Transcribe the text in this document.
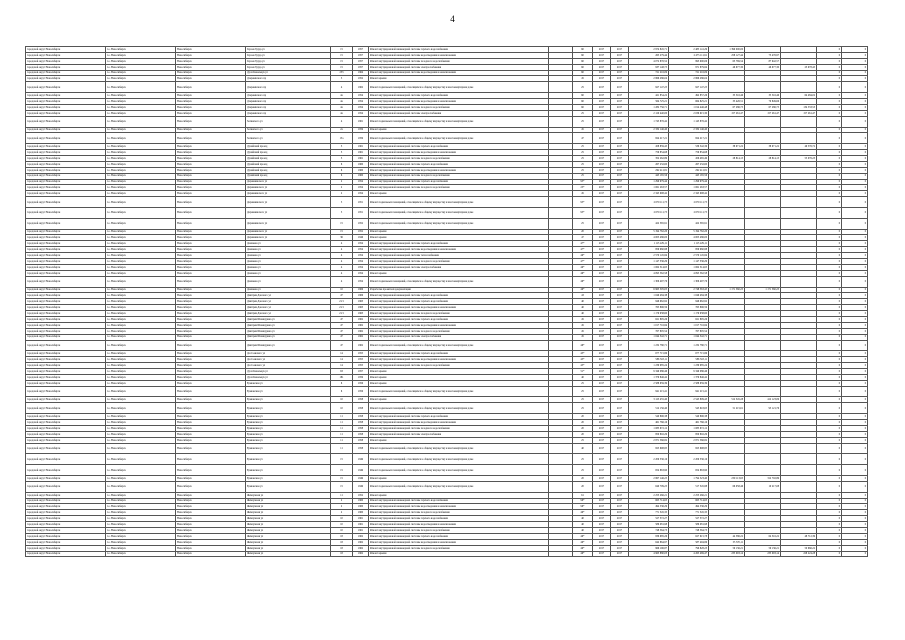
4
городской округ Новосибирск	г.о. Новосибирск	Новосибирск	Героев Труда ул	15	1957	Ремонт внутридомовой инженерной системы горячего водоснабжения		60	2017	2017	2 974 845,71	2 485 141,29	1 399 000,00			0	0
городской округ Новосибирск	г.о. Новосибирск	Новосибирск	Героев Труда ул	15	1957	Ремонт внутридомовой инженерной системы водоотведения и канализования		60	2017	2017	265 279,44	2 475 111,91	258 127,44	73 476,97		0	0
городской округ Новосибирск	г.о. Новосибирск	Новосибирск	Героев Труда ул	15	1957	Ремонт внутридомовой инженерной системы холодного водоснабжения		60	2017	2017	4 072 876,52	993 900,06	63 769,54	87 942,57		0	0
городской округ Новосибирск	г.о. Новосибирск	Новосибирск	Героев Труда ул	15	1957	Ремонт внутридомовой инженерной системы электроснабжения		60	2017	2017	937 148,75	971 879,84	46 677,30	46 677,30	23 978,45	0	0
городской округ Новосибирск	г.о. Новосибирск	Новосибирск	Дуси Ковальчук ул	233	1964	Ремонт внутридомовой инженерной системы водоотведения и канализования		60	2017	2017	721 216,09	721 216,09				0	0
городской округ Новосибирск	г.о. Новосибирск	Новосибирск	Дзержинского пр	5	1952	Ремонт крыши		45	2017	2017	2 866 286,04	2 866 286,04				0	0
городской округ Новосибирск	г.о. Новосибирск	Новосибирск	Дзержинского пр	4	1962	Ремонт подвальных помещений, относящихся к общему имуществу в многоквартирном доме		25	2017	2017	927 147,25	927 147,25				0	0
городской округ Новосибирск	г.о. Новосибирск	Новосибирск	Дзержинского пр	4а	1954	Ремонт внутридомовой инженерной системы горячего водоснабжения		60	2017	2017	421 854,22	492 857,26	35 516,46	35 516,46	64 484,02	0	0
городской округ Новосибирск	г.о. Новосибирск	Новосибирск	Дзержинского пр	4а	1954	Ремонт внутридомовой инженерной системы водоотведения и канализования		60	2017	2017	564 725,21	664 825,21	35 426,51	70 849,66		0	0
городской округ Новосибирск	г.о. Новосибирск	Новосибирск	Дзержинского пр	4а	1954	Ремонт внутридомовой инженерной системы холодного водоснабжения		60	2017	2017	1 282 756,71	1 014 446,48	67 286,75	67 286,75	134 533,53	0	0
городской округ Новосибирск	г.о. Новосибирск	Новосибирск	Дзержинского пр	4а	1954	Ремонт внутридомовой инженерной системы электроснабжения		25	2017	2017	2 120 440,00	2 036 915,30	157 261,47	157 261,47	157 261,47	0	0
городской округ Новосибирск	г.о. Новосибирск	Новосибирск	Зелинского ул	4	1961	Ремонт подвальных помещений, относящихся к общему имуществу в многоквартирном доме		25	2017	2017	1 745 876,42	1 145 876,42				0	0
городской округ Новосибирск	г.о. Новосибирск	Новосибирск	Зелинского ул	2а	1959	Ремонт крыши		45	2017	2017	2 332 146,40	2 332 146,40				0	0
городской округ Новосибирск	г.о. Новосибирск	Новосибирск	Зелинского ул	15а	1959	Ремонт подвальных помещений, относящихся к общему имуществу в многоквартирном доме		47	2017	2017	824 217,21	824 217,21				0	0
городской округ Новосибирск	г.о. Новосибирск	Новосибирск	Дунайский проезд	3	1961	Ремонт внутридомовой инженерной системы горячего водоснабжения		25	2017	2017	458 859,45	536 542,36	38 971,22	38 971,22	49 576,72	0	0
городской округ Новосибирск	г.о. Новосибирск	Новосибирск	Дунайский проезд	3	1961	Ремонт внутридомовой инженерной системы водоотведения и канализования		25	2017	2017	759 854,68	759 854,68				0	0
городской округ Новосибирск	г.о. Новосибирск	Новосибирск	Дунайский проезд	3	1961	Ремонт внутридомовой инженерной системы холодного водоснабжения		25	2017	2017	352 262,89	456 465,49	28 814,15	28 814,15	55 076,23	0	0
городской округ Новосибирск	г.о. Новосибирск	Новосибирск	Дунайский проезд	6	1960	Ремонт внутридомовой инженерной системы горячего водоснабжения		25	2017	2017	267 232,60	267 232,60				0	0
городской округ Новосибирск	г.о. Новосибирск	Новосибирск	Дунайский проезд	6	1960	Ремонт внутридомовой инженерной системы водоотведения и канализования		25	2017	2017	292 411,81	292 411,81				0	0
городской округ Новосибирск	г.о. Новосибирск	Новосибирск	Дунайский проезд	6	1960	Ремонт внутридомовой инженерной системы холодного водоснабжения		25	2017	2017	445 165,56	445 165,56				0	0
городской округ Новосибирск	г.о. Новосибирск	Новосибирск	Державинского ул	2	1954	Ремонт внутридомовой инженерной системы горячего водоснабжения		95*	2017	2017	1 299 979,44	1 299 979,44				0	0
городской округ Новосибирск	г.о. Новосибирск	Новосибирск	Державинского ул	2	1954	Ремонт внутридомовой инженерной системы холодного водоснабжения		25*	2017	2017	1 061 263,57	1 061 263,57				0	0
городской округ Новосибирск	г.о. Новосибирск	Новосибирск	Державинского ул	2	1954	Ремонт крыши		45	2017	2017	2 345 998,42	2 345 998,42				0	0
городской округ Новосибирск	г.о. Новосибирск	Новосибирск	Державинского ул	5	1951	Ремонт подвальных помещений, относящихся к общему имуществу в многоквартирном доме		95*	2017	2017	2 679 111,75	2 679 111,75				0	0
городской округ Новосибирск	г.о. Новосибирск	Новосибирск	Державинского ул	5	1951	Ремонт подвальных помещений, относящихся к общему имуществу в многоквартирном доме		95*	2017	2017	2 679 111,75	2 679 111,75				0	0
городской округ Новосибирск	г.о. Новосибирск	Новосибирск	Державинского ул	15	1952	Ремонт подвальных помещений, относящихся к общему имуществу в многоквартирном доме		25	2017	2017	422 365,91	422 365,91				0	0
городской округ Новосибирск	г.о. Новосибирск	Новосибирск	Державинского ул	15	1952	Ремонт крыши		20	2017	2017	5 194 762,20	5 194 762,20				0	0
городской округ Новосибирск	г.о. Новосибирск	Новосибирск	Державинского ул	36	1946	Ремонт крыши		47	2017	2017	4 005 486,00	4 005 486,00				0	0
городской округ Новосибирск	г.о. Новосибирск	Новосибирск	Демакова ул	4	1954	Ремонт внутридомовой инженерной системы горячего водоснабжения		47*	2017	2017	1 115 229,11	1 115 229,11				0	0
городской округ Новосибирск	г.о. Новосибирск	Новосибирск	Демакова ул	4	1954	Ремонт внутридомовой инженерной системы водоотведения и канализования		47*	2017	2017	859 960,88	859 960,88				0	0
городской округ Новосибирск	г.о. Новосибирск	Новосибирск	Демакова ул	4	1954	Ремонт внутридомовой инженерной системы теплоснабжения		49*	2017	2017	2 570 145,84	2 570 145,84				0	0
городской округ Новосибирск	г.о. Новосибирск	Новосибирск	Демакова ул	4	1954	Ремонт внутридомовой инженерной системы холодного водоснабжения		47*	2017	2017	1 147 336,29	1 147 336,29				0	0
городской округ Новосибирск	г.о. Новосибирск	Новосибирск	Демакова ул	4	1954	Ремонт внутридомовой инженерной системы электроснабжения		49*	2017	2017	1 062 314,65	1 062 314,65				0	0
городской округ Новосибирск	г.о. Новосибирск	Новосибирск	Демакова ул	4	1954	Ремонт крыши		49*	2017	2017	4 095 562,58	4 095 562,58				0	0
городской округ Новосибирск	г.о. Новосибирск	Новосибирск	Демакова ул	4	1954	Ремонт подвальных помещений, относящихся к общему имуществу в многоквартирном доме		49*	2017	2017	1 306 497,76	1 306 497,76				0	0
городской округ Новосибирск	г.о. Новосибирск	Новосибирск	Демакова ул	10	1966	Разработка проектной документации		49*	2017	2017	6 965 505,05	2 748 363,45	1 171 560,25	1 171 560,25		0	0
городской округ Новосибирск	г.о. Новосибирск	Новосибирск	Дмитрия Донского ул	47	1966	Ремонт внутридомовой инженерной системы горячего водоснабжения		43	2017	2017	1 049 484,38	1 049 484,38				0	0
городской округ Новосибирск	г.о. Новосибирск	Новосибирск	Дмитрия Донского ул	21/1	1963	Ремонт внутридомовой инженерной системы горячего водоснабжения		40	2017	2017	946 962,92	946 962,92				0	0
городской округ Новосибирск	г.о. Новосибирск	Новосибирск	Дмитрия Донского ул	21/1	1963	Ремонт внутридомовой инженерной системы водоотведения и канализования		40	2017	2017	765 896,59	765 896,59				0	0
городской округ Новосибирск	г.о. Новосибирск	Новосибирск	Дмитрия Донского ул	21/1	1963	Ремонт внутридомовой инженерной системы холодного водоснабжения		40	2017	2017	1 179 938,60	1 179 938,60				0	0
городской округ Новосибирск	г.о. Новосибирск	Новосибирск	Дмитрия Шамшурина ул	47	1962	Ремонт внутридомовой инженерной системы горячего водоснабжения		45	2017	2017	621 895,26	621 895,26				0	0
городской округ Новосибирск	г.о. Новосибирск	Новосибирск	Дмитрия Шамшурина ул	47	1962	Ремонт внутридомовой инженерной системы водоотведения и канализования		45	2017	2017	1 017 716,84	1 017 716,84				0	0
городской округ Новосибирск	г.о. Новосибирск	Новосибирск	Дмитрия Шамшурина ул	47	1962	Ремонт внутридомовой инженерной системы холодного водоснабжения		45	2017	2017	767 805,54	767 805,54				0	0
городской округ Новосибирск	г.о. Новосибирск	Новосибирск	Дмитрия Шамшурина ул	47	1962	Ремонт внутридомовой инженерной системы электроснабжения		45	2017	2017	1 044 342,71	1 044 342,71				0	0
городской округ Новосибирск	г.о. Новосибирск	Новосибирск	Дмитрия Шамшурина ул	47	1962	Ремонт подвальных помещений, относящихся к общему имуществу в многоквартирном доме		46*	2017	2017	1 232 780,71	1 232 780,71				0	0
городской округ Новосибирск	г.о. Новосибирск	Новосибирск	Достоевского ул	14	1955	Ремонт внутридомовой инженерной системы горячего водоснабжения		45*	2017	2017	677 715,86	677 715,86				0	0
городской округ Новосибирск	г.о. Новосибирск	Новосибирск	Достоевского ул	14	1955	Ремонт внутридомовой инженерной системы водоотведения и канализования		45*	2017	2017	586 318,11	586 318,11				0	0
городской округ Новосибирск	г.о. Новосибирск	Новосибирск	Достоевского ул	14	1955	Ремонт внутридомовой инженерной системы холодного водоснабжения		45*	2017	2017	1 239 985,24	1 239 985,24				0	0
городской округ Новосибирск	г.о. Новосибирск	Новосибирск	Дуси Ковальчук ул	63	1957	Ремонт крыши		51*	2017	2017	9 349 086,46	9 349 086,46				0	0
городской округ Новосибирск	г.о. Новосибирск	Новосибирск	Дуси Ковальчук ул	181	1959	Ремонт крыши		40	2017	2017	1 379 846,42	1 379 846,42				0	0
городской округ Новосибирск	г.о. Новосибирск	Новосибирск	Ереванская ул	6	1956	Ремонт крыши		25	2017	2017	2 588 659,39	2 588 659,39				0	0
городской округ Новосибирск	г.о. Новосибирск	Новосибирск	Ереванская ул	6	1956	Ремонт подвальных помещений, относящихся к общему имуществу в многоквартирном доме		25	2017	2017	941 215,41	941 215,41				0	0
городской округ Новосибирск	г.о. Новосибирск	Новосибирск	Ереванская ул	10	1958	Ремонт крыши		25	2017	2017	3 125 455,40	2 545 809,43	512 345,28	412 123,09		0	0
городской округ Новосибирск	г.о. Новосибирск	Новосибирск	Ереванская ул	10	1958	Ремонт подвальных помещений, относящихся к общему имуществу в многоквартирном доме		25	2017	2017	512 156,40	545 618,65	51 215,61	95 121,76		0	0
городской округ Новосибирск	г.о. Новосибирск	Новосибирск	Ереванская ул	11	1958	Ремонт внутридомовой инженерной системы горячего водоснабжения		20	2017	2017	540 896,38	540 896,38				0	0
городской округ Новосибирск	г.о. Новосибирск	Новосибирск	Ереванская ул	11	1958	Ремонт внутридомовой инженерной системы водоотведения и канализования		20	2017	2017	461 766,16	461 766,16				0	0
городской округ Новосибирск	г.о. Новосибирск	Новосибирск	Ереванская ул	11	1958	Ремонт внутридомовой инженерной системы холодного водоснабжения		20	2017	2017	1 085 672,12	1 085 672,12				0	0
городской округ Новосибирск	г.о. Новосибирск	Новосибирск	Ереванская ул	11	1958	Ремонт внутридомовой инженерной системы электроснабжения		20	2017	2017	850 802,29	850 802,29				0	0
городской округ Новосибирск	г.о. Новосибирск	Новосибирск	Ереванская ул	11	1958	Ремонт крыши		25	2017	2017	2 871 566,82	2 871 566,82				0	0
городской округ Новосибирск	г.о. Новосибирск	Новосибирск	Ереванская ул	11	1958	Ремонт подвальных помещений, относящихся к общему имуществу в многоквартирном доме		40	2017	2017	825 698,85	825 698,85				0	0
городской округ Новосибирск	г.о. Новосибирск	Новосибирск	Ереванская ул	15	1949	Ремонт подвальных помещений, относящихся к общему имуществу в многоквартирном доме		25	2017	2017	2 209 336,16	2 209 336,16				0	0
городской округ Новосибирск	г.о. Новосибирск	Новосибирск	Ереванская ул	15	1949	Ремонт подвальных помещений, относящихся к общему имуществу в многоквартирном доме		25	2017	2017	654 863,90	654 863,90				0	0
городской округ Новосибирск	г.о. Новосибирск	Новосибирск	Ереванская ул	15	1949	Ремонт крыши		20	2017	2017	2 867 146,25	1 794 523,40	259 113,65	312 702,89		0	0
городской округ Новосибирск	г.о. Новосибирск	Новосибирск	Ереванская ул	15	1949	Ремонт подвальных помещений, относящихся к общему имуществу в многоквартирном доме		20	2017	2017	640 709,25	517 345,88	66 058,46	10 217,08		0	0
городской округ Новосибирск	г.о. Новосибирск	Новосибирск	Жемчужная ул	11	1952	Ремонт крыши		61	2017	2017	2 253 266,21	2 253 266,21				0	0
городской округ Новосибирск	г.о. Новосибирск	Новосибирск	Жемчужная ул	2	1960	Ремонт внутридомовой инженерной системы горячего водоснабжения		96*	2017	2017	665 714,65	665 714,65				0	0
городской округ Новосибирск	г.о. Новосибирск	Новосибирск	Жемчужная ул	2	1960	Ремонт внутридомовой инженерной системы водоотведения и канализования		96*	2017	2017	494 536,29	494 536,29				0	0
городской округ Новосибирск	г.о. Новосибирск	Новосибирск	Жемчужная ул	2	1960	Ремонт внутридомовой инженерной системы холодного водоснабжения		49*	2017	2017	771 345,35	771 345,35				0	0
городской округ Новосибирск	г.о. Новосибирск	Новосибирск	Жемчужная ул	10	1961	Ремонт внутридомовой инженерной системы горячего водоснабжения		40	2017	2017	527 372,27	527 372,27				0	0
городской округ Новосибирск	г.о. Новосибирск	Новосибирск	Жемчужная ул	10	1961	Ремонт внутридомовой инженерной системы водоотведения и канализования		40	2017	2017	586 081,98	586 081,98				0	0
городской округ Новосибирск	г.о. Новосибирск	Новосибирск	Жемчужная ул	10	1961	Ремонт внутридомовой инженерной системы холодного водоснабжения		40	2017	2017	748 364,73	748 364,73				0	0
городской округ Новосибирск	г.о. Новосибирск	Новосибирск	Жемчужная ул	18	1962	Ремонт внутридомовой инженерной системы горячего водоснабжения		49*	2017	2017	836 685,26	627 615,78	44 586,22	64 316,22	48 712,39	0	0
городской округ Новосибирск	г.о. Новосибирск	Новосибирск	Жемчужная ул	18	1962	Ремонт внутридомовой инженерной системы водоотведения и канализования		49*	2017	2017	642 864,97	587 494,86	55 370,11			0	0
городской округ Новосибирск	г.о. Новосибирск	Новосибирск	Жемчужная ул	18	1962	Ремонт внутридомовой инженерной системы холодного водоснабжения		49*	2017	2017	966 196,87	796 828,23	59 136,21	59 136,21	50 666,22	0	0
городской округ Новосибирск	г.о. Новосибирск	Новосибирск	Жемчужная ул	18	1962	Ремонт крыши		49*	2017	2017	4 963 880,03	4 265 469,47	235 093,14	235 093,14	228 224,28	0	0
